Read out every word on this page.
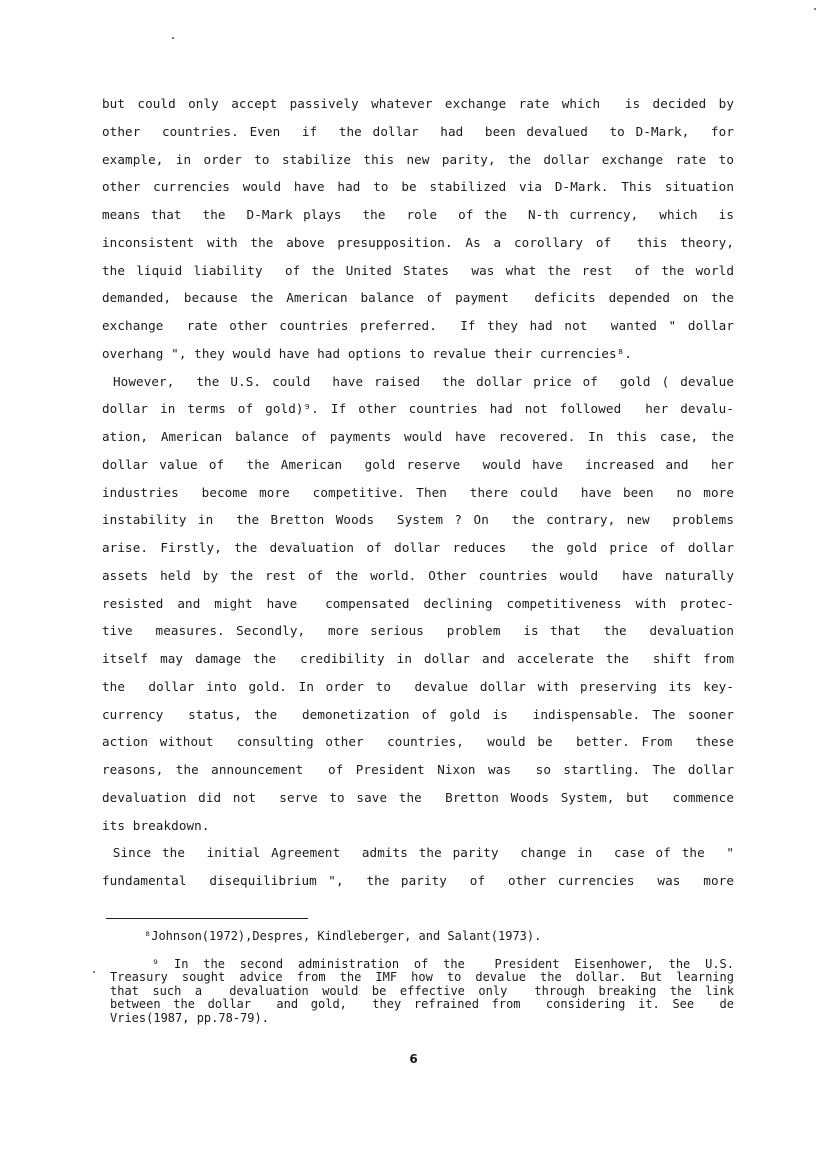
but could only accept passively whatever exchange rate which  is decided by
other  countries. Even  if  the dollar  had  been devalued  to D-Mark,  for
example, in order to stabilize this new parity, the dollar exchange rate to
other currencies would have had to be stabilized via D-Mark. This situation
means that  the  D-Mark plays  the  role  of the  N-th currency,  which  is
inconsistent with the above presupposition. As a corollary of  this theory,
the liquid liability  of the United States  was what the rest  of the world
demanded, because the American balance of payment  deficits depended on the
exchange  rate other countries preferred.  If they had not  wanted " dollar
overhang ", they would have had options to revalue their currencies⁸.
However,  the U.S. could  have raised  the dollar price of  gold ( devalue
dollar in terms of gold)⁹. If other countries had not followed  her devalu-
ation, American balance of payments would have recovered. In this case, the
dollar value of  the American  gold reserve  would have  increased and  her
industries  become more  competitive. Then  there could  have been  no more
instability in  the Bretton Woods  System ? On  the contrary, new  problems
arise. Firstly, the devaluation of dollar reduces  the gold price of dollar
assets held by the rest of the world. Other countries would  have naturally
resisted and might have  compensated declining competitiveness with protec-
tive  measures. Secondly,  more serious  problem  is that  the  devaluation
itself may damage the  credibility in dollar and accelerate the  shift from
the  dollar into gold. In order to  devalue dollar with preserving its key-
currency  status, the  demonetization of gold is  indispensable. The sooner
action without  consulting other  countries,  would be  better. From  these
reasons, the announcement  of President Nixon was  so startling. The dollar
devaluation did not  serve to save the  Bretton Woods System, but  commence
its breakdown.
Since the  initial Agreement  admits the parity  change in  case of the  "
fundamental  disequilibrium ",  the parity  of  other currencies  was  more
⁸Johnson(1972),Despres, Kindleberger, and Salant(1973).
⁹ In the second administration of the  President Eisenhower, the U.S.
Treasury sought advice from the IMF how to devalue the dollar. But learning
that such a  devaluation would be effective only  through breaking the link
between the dollar  and gold,  they refrained from  considering it. See  de
Vries(1987, pp.78-79).
6
